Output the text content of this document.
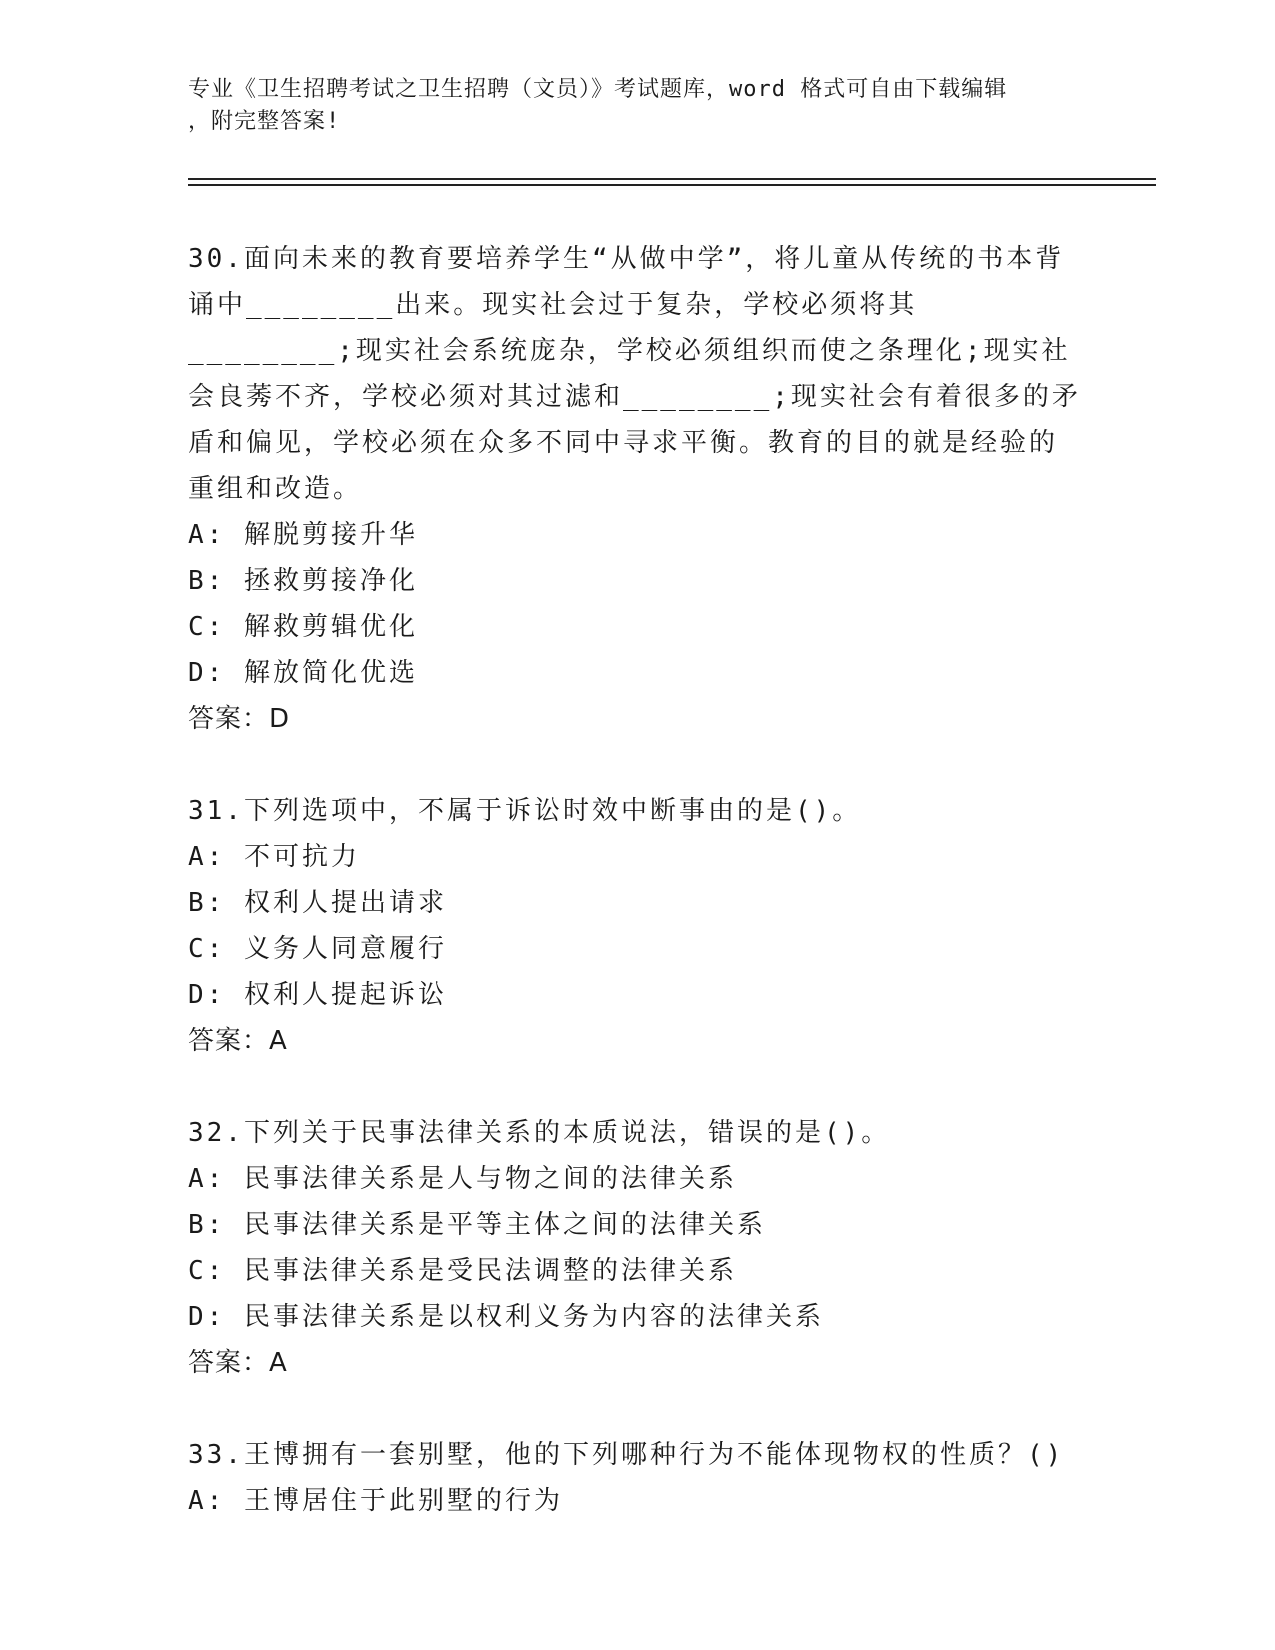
专业《卫生招聘考试之卫生招聘（文员）》考试题库，word 格式可自由下载编辑
，附完整答案!
30.面向未来的教育要培养学生“从做中学”，将儿童从传统的书本背诵中________出来。现实社会过于复杂，学校必须将其________;现实社会系统庞杂，学校必须组织而使之条理化;现实社会良莠不齐，学校必须对其过滤和________;现实社会有着很多的矛盾和偏见，学校必须在众多不同中寻求平衡。教育的目的就是经验的重组和改造。
A: 解脱剪接升华
B: 拯救剪接净化
C: 解救剪辑优化
D: 解放简化优选
答案：D
31.下列选项中，不属于诉讼时效中断事由的是()。
A: 不可抗力
B: 权利人提出请求
C: 义务人同意履行
D: 权利人提起诉讼
答案：A
32.下列关于民事法律关系的本质说法，错误的是()。
A: 民事法律关系是人与物之间的法律关系
B: 民事法律关系是平等主体之间的法律关系
C: 民事法律关系是受民法调整的法律关系
D: 民事法律关系是以权利义务为内容的法律关系
答案：A
33.王博拥有一套别墅，他的下列哪种行为不能体现物权的性质？()
A: 王博居住于此别墅的行为
